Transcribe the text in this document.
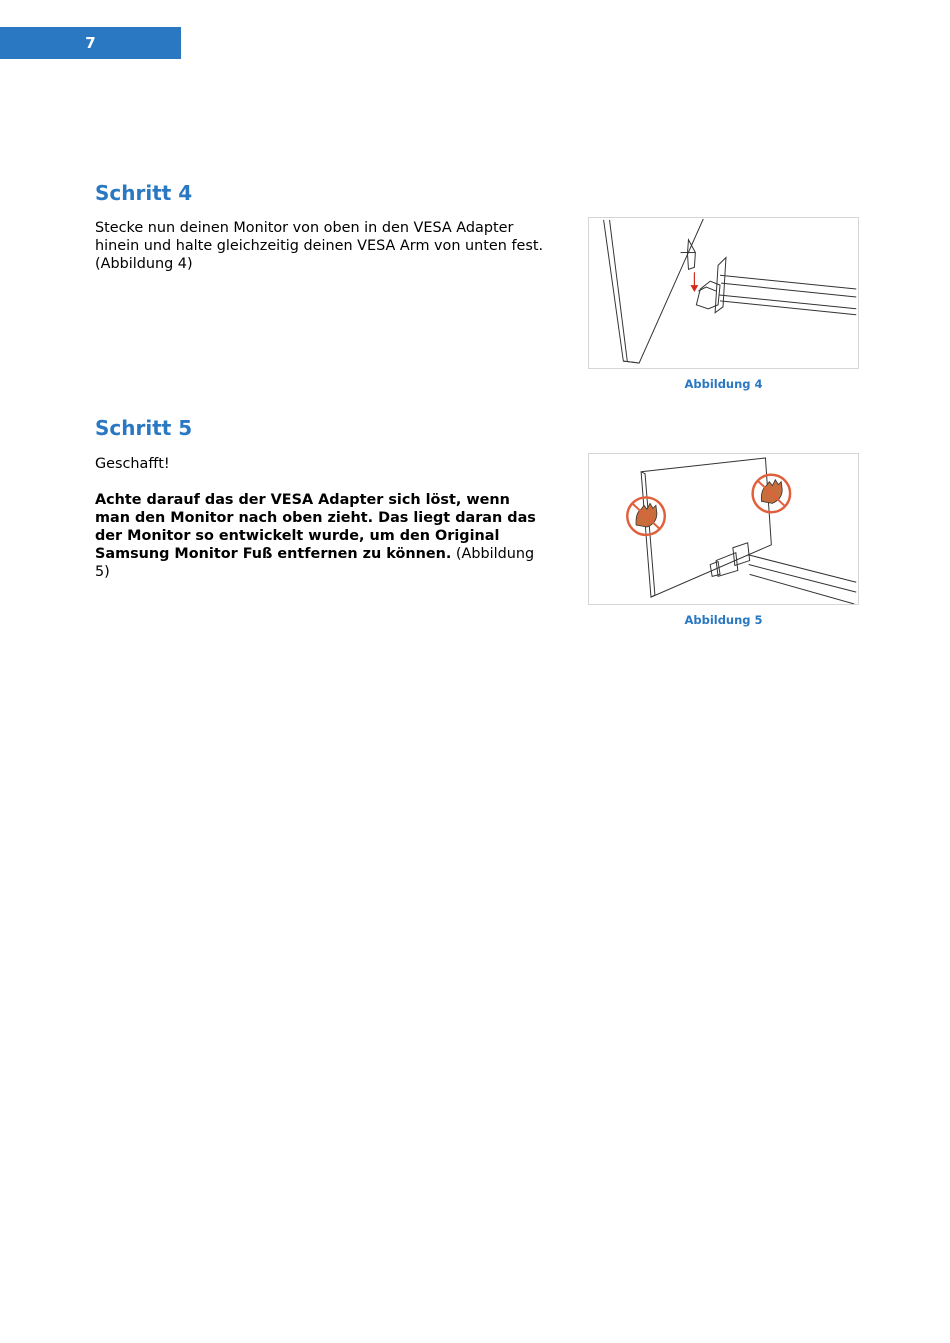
7
Schritt 4

Stecke nun deinen Monitor von oben in den VESA Adapter hinein und halte gleichzeitig deinen VESA Arm von unten fest. (Abbildung 4)

Abbildung 4
Schritt 5

Geschafft!

Achte darauf das der VESA Adapter sich löst, wenn man den Monitor nach oben zieht. Das liegt daran das der Monitor so entwickelt wurde, um den Original Samsung Monitor Fuß entfernen zu können. (Abbildung 5)

Abbildung 5
